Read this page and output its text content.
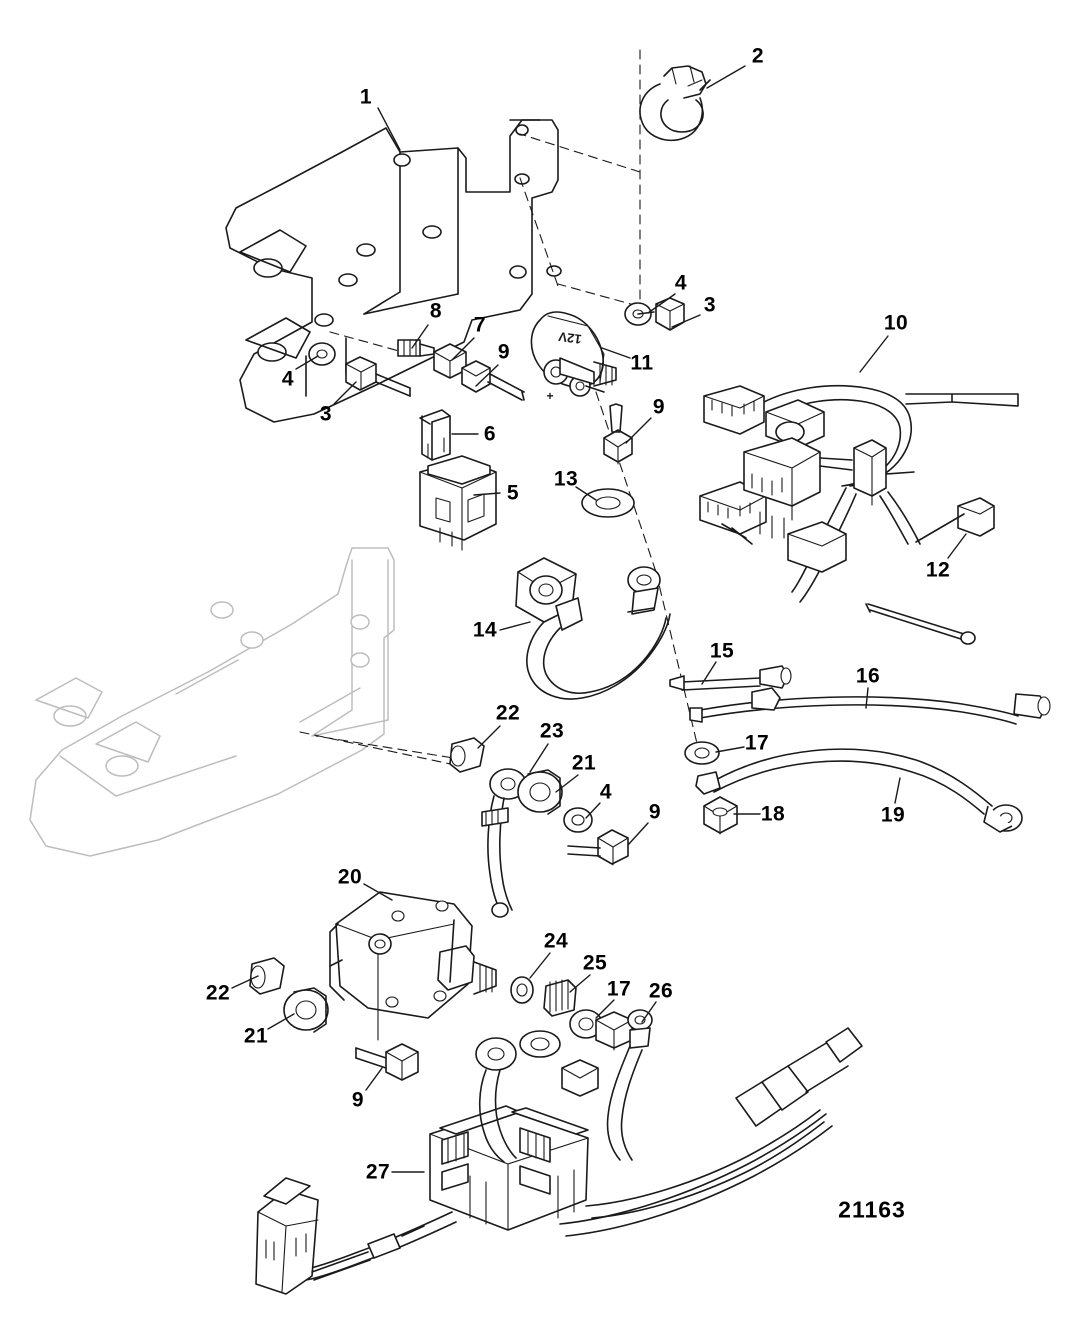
12V
+
21163
1
2
3
4
8
7
9
4
3
6
5
11
9
13
10
12
14
15
16
17
18	19
22
23
21
4
9
20
22
21
24
25
17 26
9
27
